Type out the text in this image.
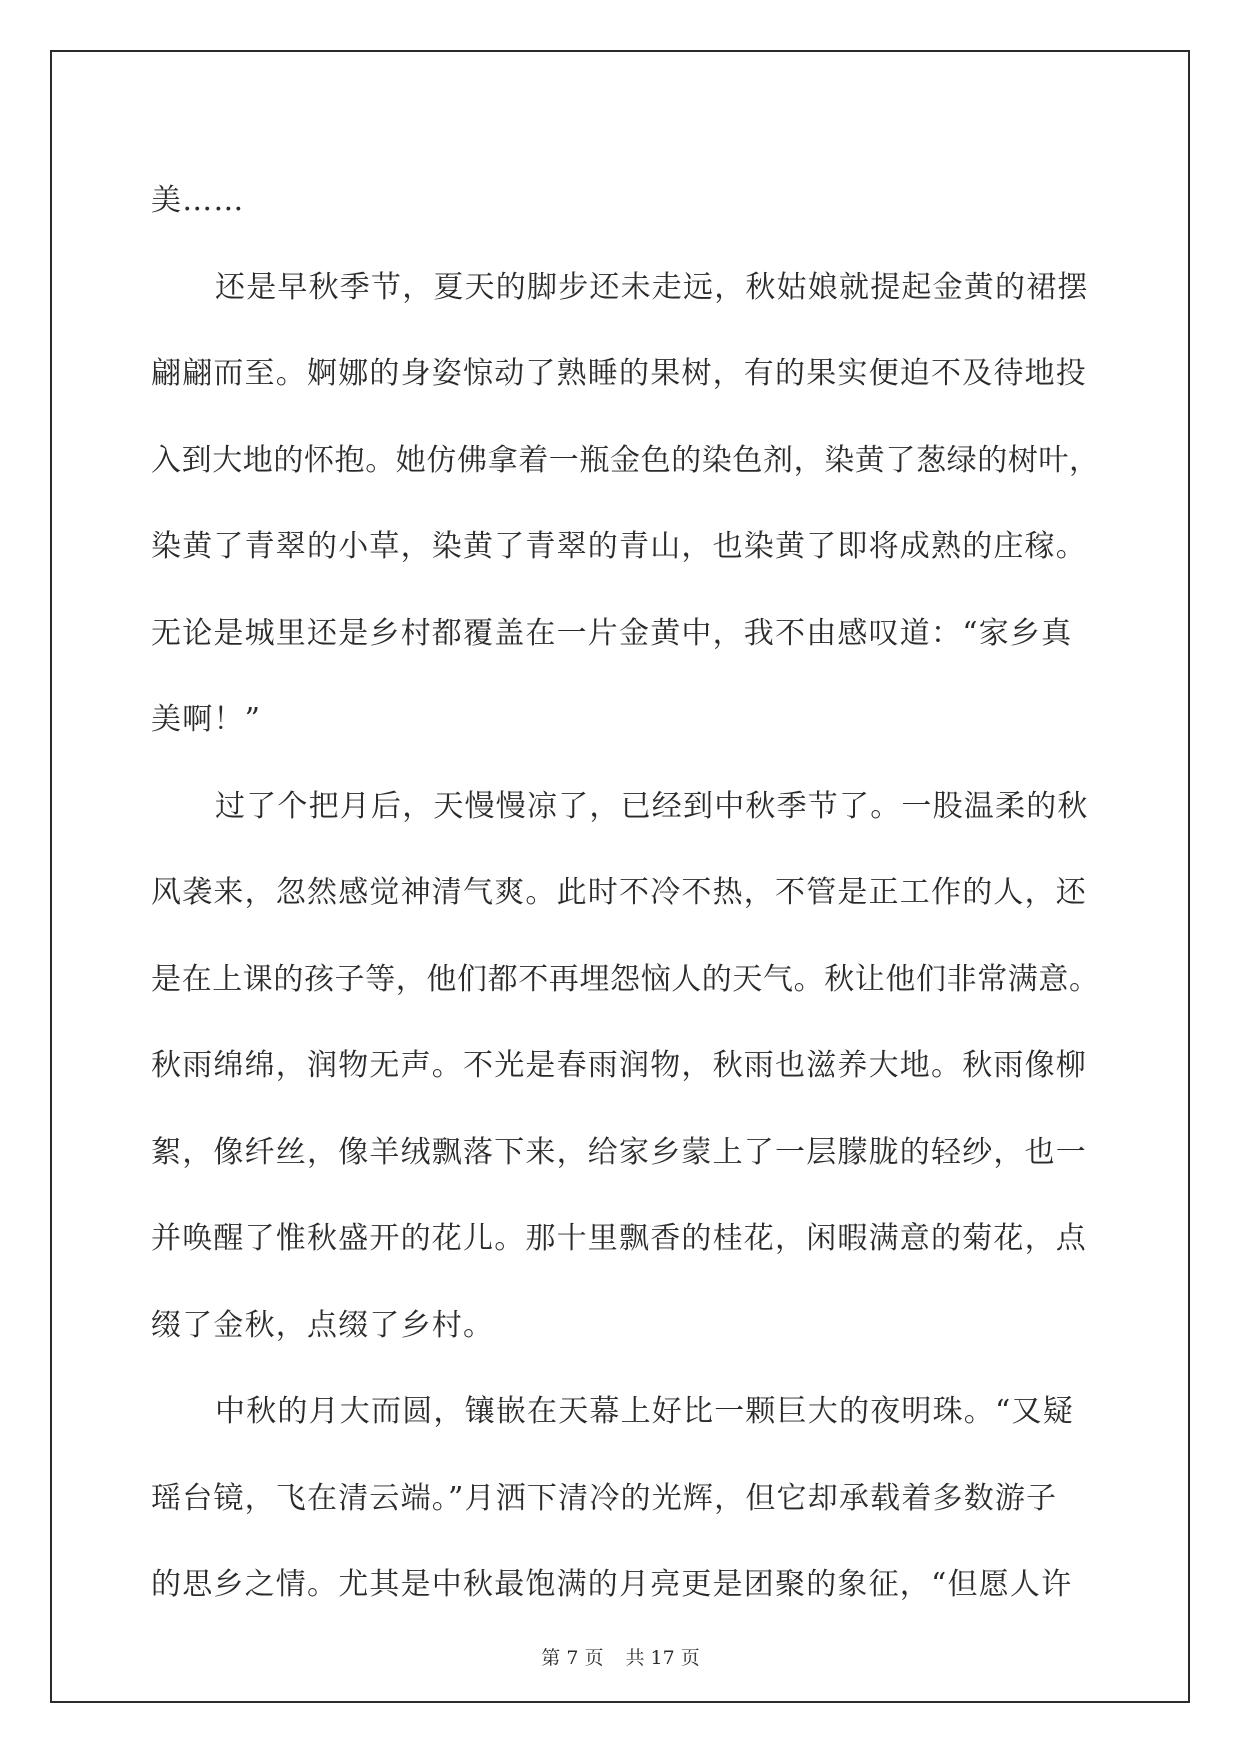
美……
还是早秋季节，夏天的脚步还未走远，秋姑娘就提起金黄的裙摆
翩翩而至。婀娜的身姿惊动了熟睡的果树，有的果实便迫不及待地投
入到大地的怀抱。她仿佛拿着一瓶金色的染色剂，染黄了葱绿的树叶，
染黄了青翠的小草，染黄了青翠的青山，也染黄了即将成熟的庄稼。
无论是城里还是乡村都覆盖在一片金黄中，我不由感叹道：“家乡真
美啊！”
过了个把月后，天慢慢凉了，已经到中秋季节了。一股温柔的秋
风袭来，忽然感觉神清气爽。此时不冷不热，不管是正工作的人，还
是在上课的孩子等，他们都不再埋怨恼人的天气。秋让他们非常满意。
秋雨绵绵，润物无声。不光是春雨润物，秋雨也滋养大地。秋雨像柳
絮，像纤丝，像羊绒飘落下来，给家乡蒙上了一层朦胧的轻纱，也一
并唤醒了惟秋盛开的花儿。那十里飘香的桂花，闲暇满意的菊花，点
缀了金秋，点缀了乡村。
中秋的月大而圆，镶嵌在天幕上好比一颗巨大的夜明珠。“又疑
瑶台镜，飞在清云端。”月洒下清冷的光辉，但它却承载着多数游子
的思乡之情。尤其是中秋最饱满的月亮更是团聚的象征，“但愿人许
第 7 页 共 17 页
